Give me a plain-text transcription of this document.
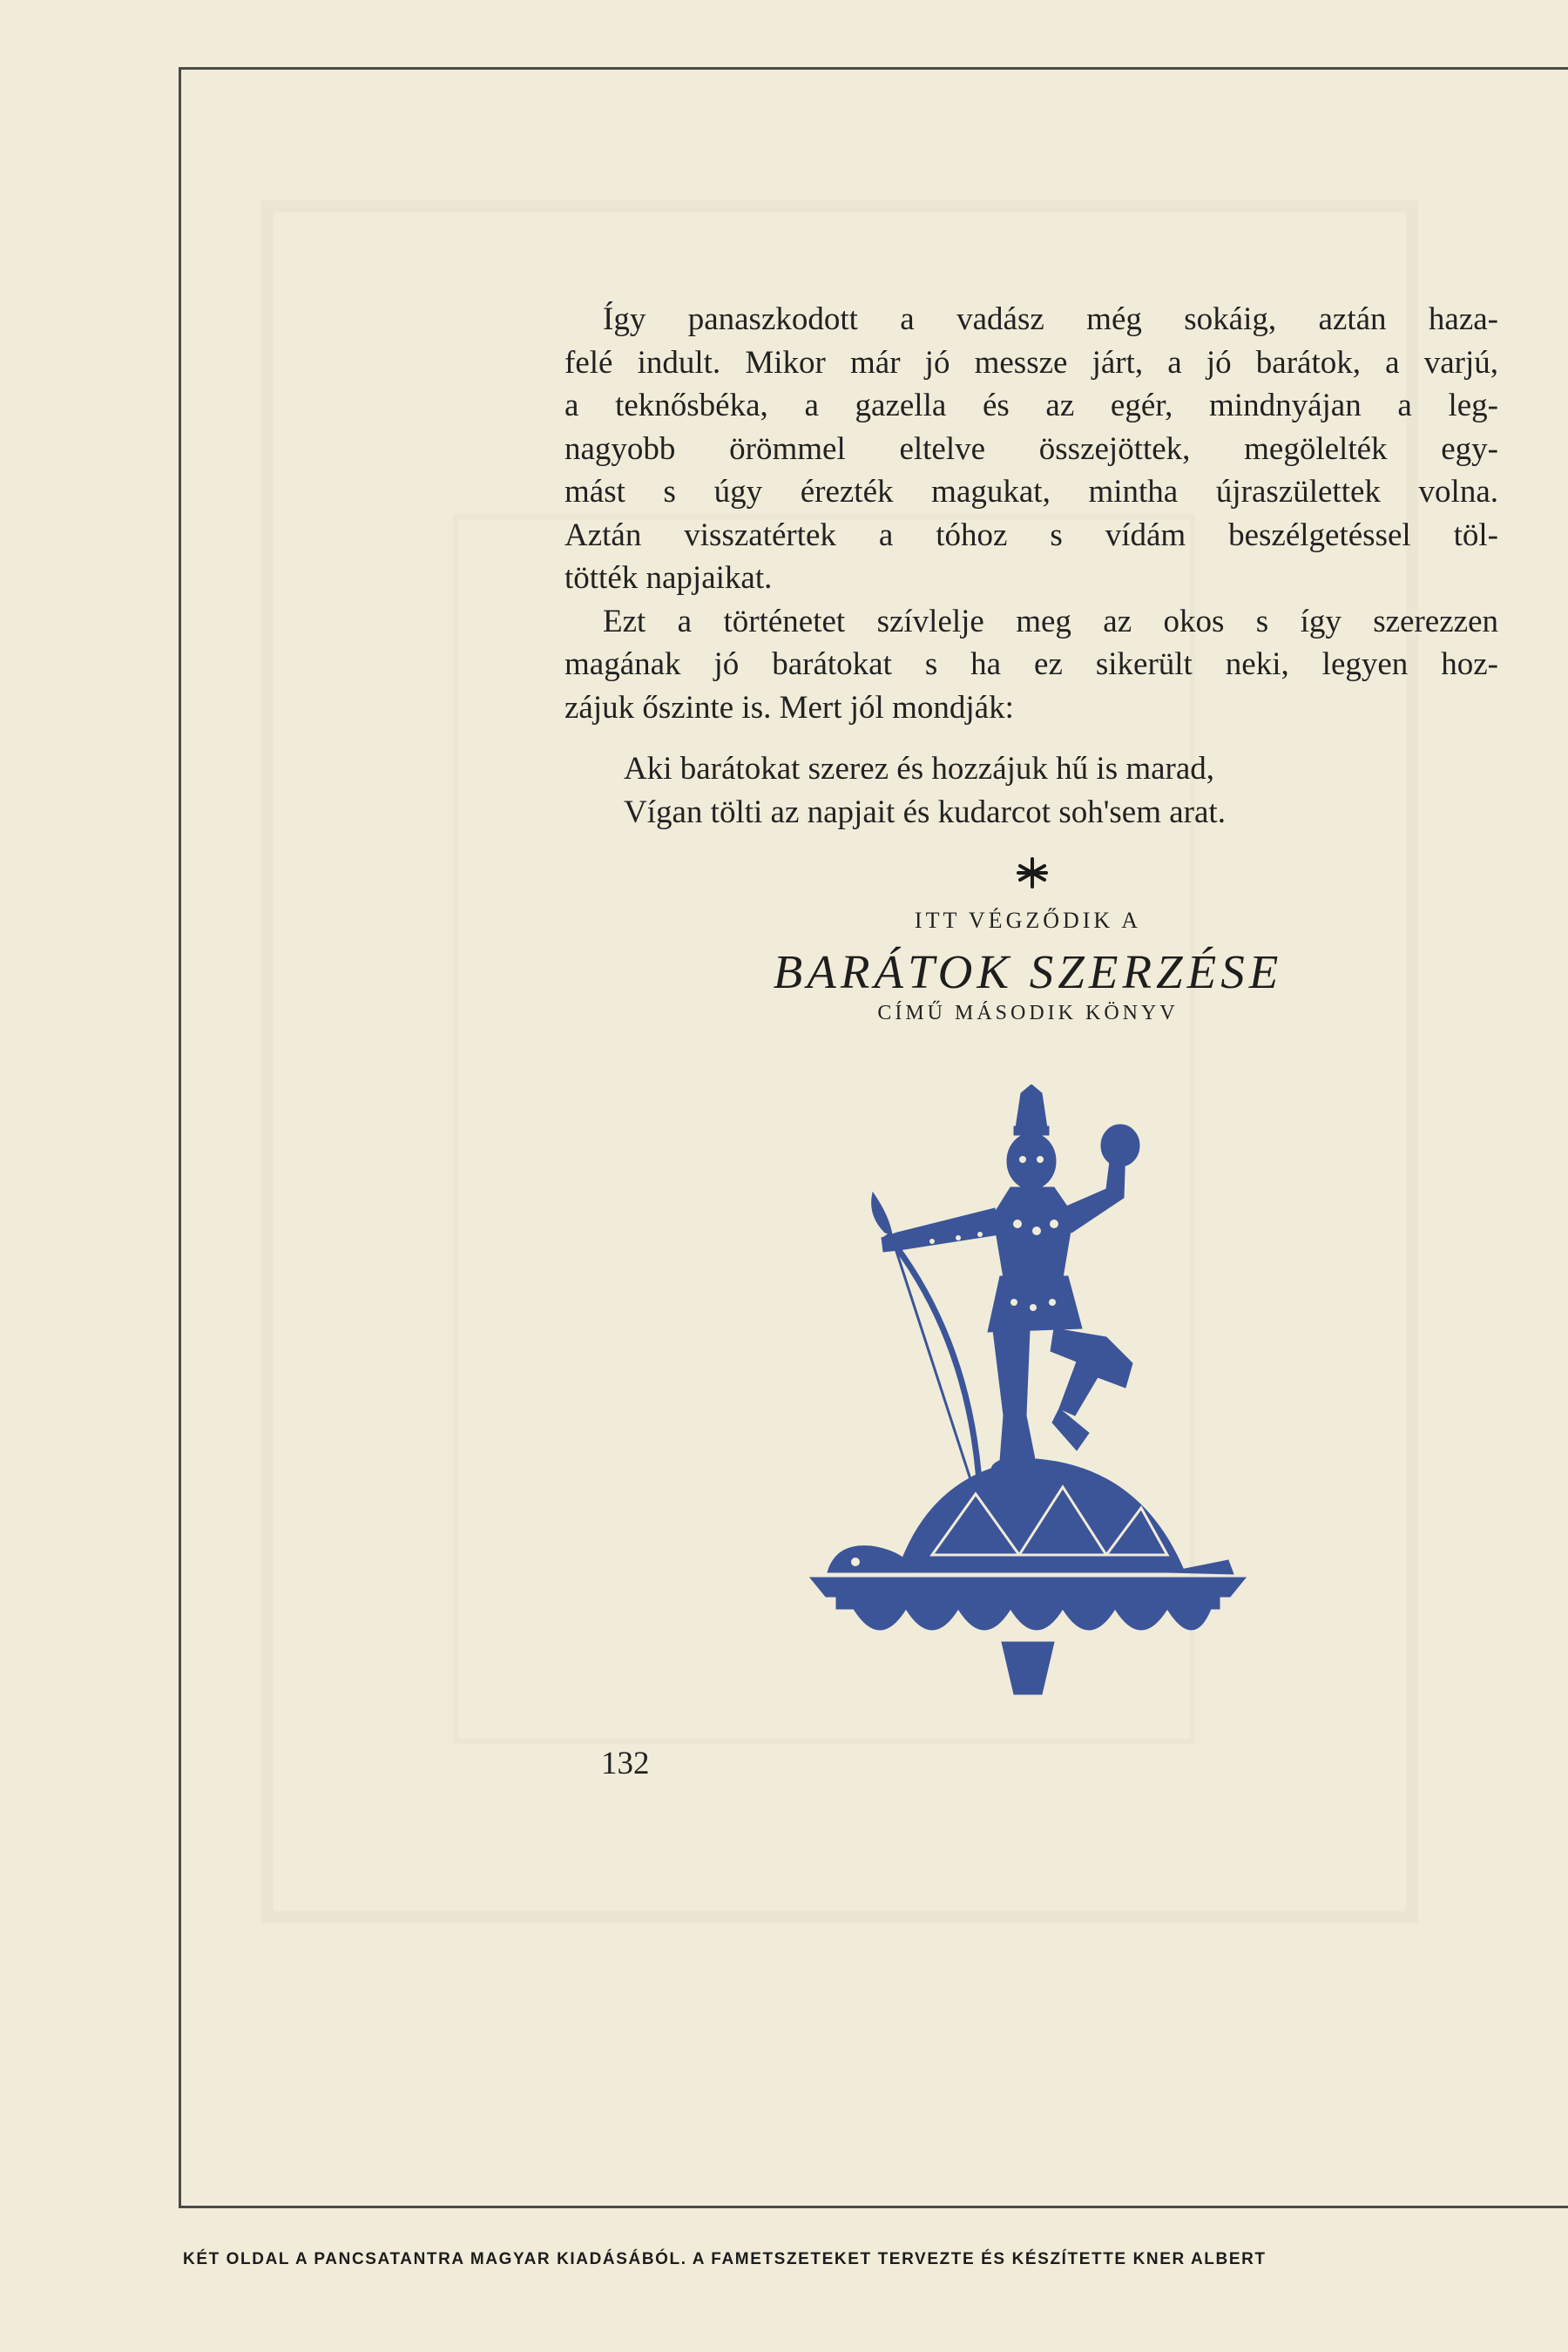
Így panaszkodott a vadász még sokáig, aztán haza-
felé indult. Mikor már jó messze járt, a jó barátok, a varjú,
a teknősbéka, a gazella és az egér, mindnyájan a leg-
nagyobb örömmel eltelve összejöttek, megölelték egy-
mást s úgy érezték magukat, mintha újraszülettek volna.
Aztán visszatértek a tóhoz s vídám beszélgetéssel töl-
tötték napjaikat.

Ezt a történetet szívlelje meg az okos s így szerezzen
magának jó barátokat s ha ez sikerült neki, legyen hoz-
zájuk őszinte is. Mert jól mondják:

Aki barátokat szerez és hozzájuk hű is marad,
Vígan tölti az napjait és kudarcot soh'sem arat.
ITT VÉGZŐDIK A
BARÁTOK SZERZÉSE
CÍMŰ MÁSODIK KÖNYV
132
KÉT OLDAL A PANCSATANTRA MAGYAR KIADÁSÁBÓL. A FAMETSZETEKET TERVEZTE ÉS KÉSZÍTETTE KNER ALBERT
